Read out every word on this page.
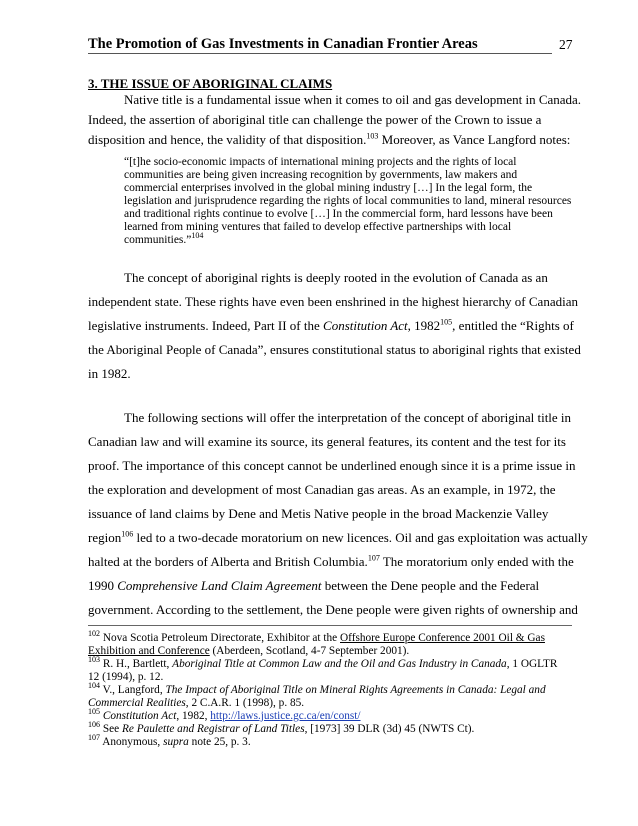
The Promotion of Gas Investments in Canadian Frontier Areas	27
3. THE ISSUE OF ABORIGINAL CLAIMS
Native title is a fundamental issue when it comes to oil and gas development in Canada.
Indeed, the assertion of aboriginal title can challenge the power of the Crown to issue a
disposition and hence, the validity of that disposition.$^{103}$ Moreover, as Vance Langford notes:
“[t]he socio-economic impacts of international mining projects and the rights of local
communities are being given increasing recognition by governments, law makers and
commercial enterprises involved in the global mining industry […] In the legal form, the
legislation and jurisprudence regarding the rights of local communities to land, mineral resources
and traditional rights continue to evolve […] In the commercial form, hard lessons have been
learned from mining ventures that failed to develop effective partnerships with local
communities.”$^{104}$
The concept of aboriginal rights is deeply rooted in the evolution of Canada as an
independent state. These rights have even been enshrined in the highest hierarchy of Canadian
legislative instruments. Indeed, Part II of the Constitution Act, 1982$^{105}$, entitled the “Rights of
the Aboriginal People of Canada”, ensures constitutional status to aboriginal rights that existed
in 1982.
The following sections will offer the interpretation of the concept of aboriginal title in
Canadian law and will examine its source, its general features, its content and the test for its
proof. The importance of this concept cannot be underlined enough since it is a prime issue in
the exploration and development of most Canadian gas areas. As an example, in 1972, the
issuance of land claims by Dene and Metis Native people in the broad Mackenzie Valley
region$^{106}$ led to a two-decade moratorium on new licences. Oil and gas exploitation was actually
halted at the borders of Alberta and British Columbia.$^{107}$ The moratorium only ended with the
1990 Comprehensive Land Claim Agreement between the Dene people and the Federal
government. According to the settlement, the Dene people were given rights of ownership and
$^{102}$ Nova Scotia Petroleum Directorate, Exhibitor at the Offshore Europe Conference 2001 Oil & Gas
Exhibition and Conference (Aberdeen, Scotland, 4-7 September 2001).
$^{103}$ R. H., Bartlett, Aboriginal Title at Common Law and the Oil and Gas Industry in Canada, 1 OGLTR
12 (1994), p. 12.
$^{104}$ V., Langford, The Impact of Aboriginal Title on Mineral Rights Agreements in Canada: Legal and
Commercial Realities, 2 C.A.R. 1 (1998), p. 85.
$^{105}$ Constitution Act, 1982, http://laws.justice.gc.ca/en/const/
$^{106}$ See Re Paulette and Registrar of Land Titles, [1973] 39 DLR (3d) 45 (NWTS Ct).
$^{107}$ Anonymous, supra note 25, p. 3.
